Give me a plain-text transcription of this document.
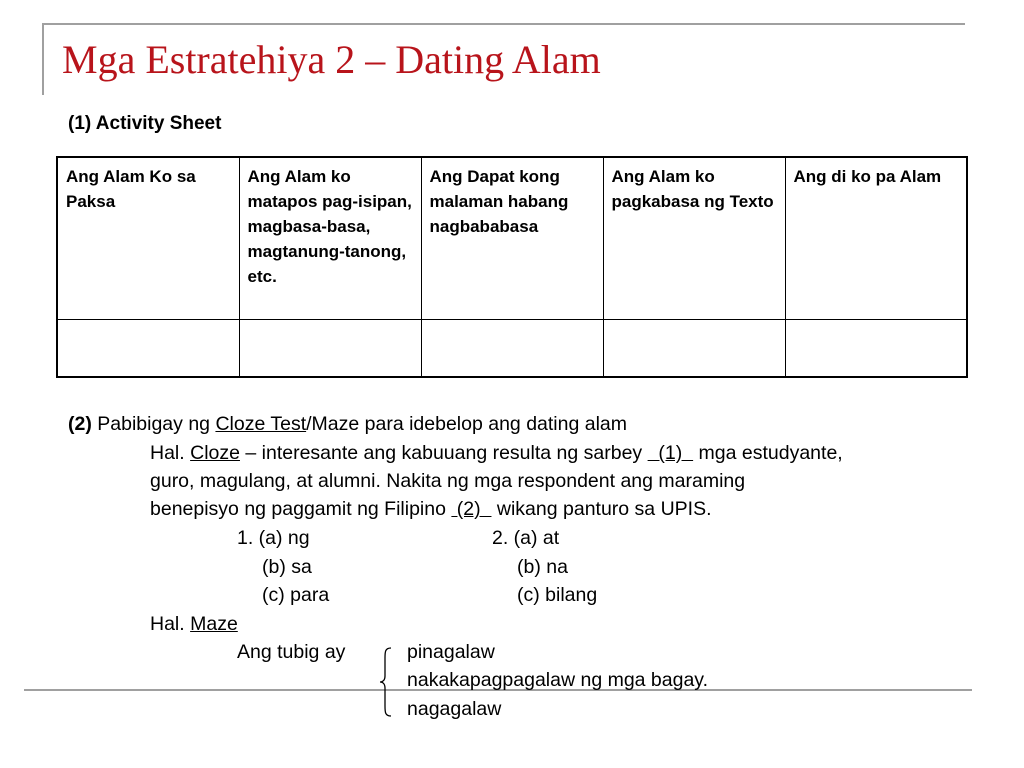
Mga Estratehiya 2 – Dating Alam
(1) Activity Sheet
Ang Alam Ko sa Paksa	Ang Alam ko matapos pag-isipan, magbasa-basa, magtanung-tanong, etc.	Ang Dapat kong malaman habang nagbababasa	Ang Alam ko pagkabasa ng Texto	Ang di ko pa Alam

(2) Pabibigay ng Cloze Test/Maze para idebelop ang dating alam
Hal. Cloze – interesante ang kabuuang resulta ng sarbey   (1)   mga estudyante,
guro, magulang, at alumni. Nakita ng mga respondent ang maraming
benepisyo ng paggamit ng Filipino  (2)   wikang panturo sa UPIS.
1. (a) ng
(b) sa
(c) para
2. (a) at
(b) na
(c) bilang
Hal. Maze
Ang tubig ay	pinagalaw
nakakapagpagalaw ng mga bagay.
nagagalaw
